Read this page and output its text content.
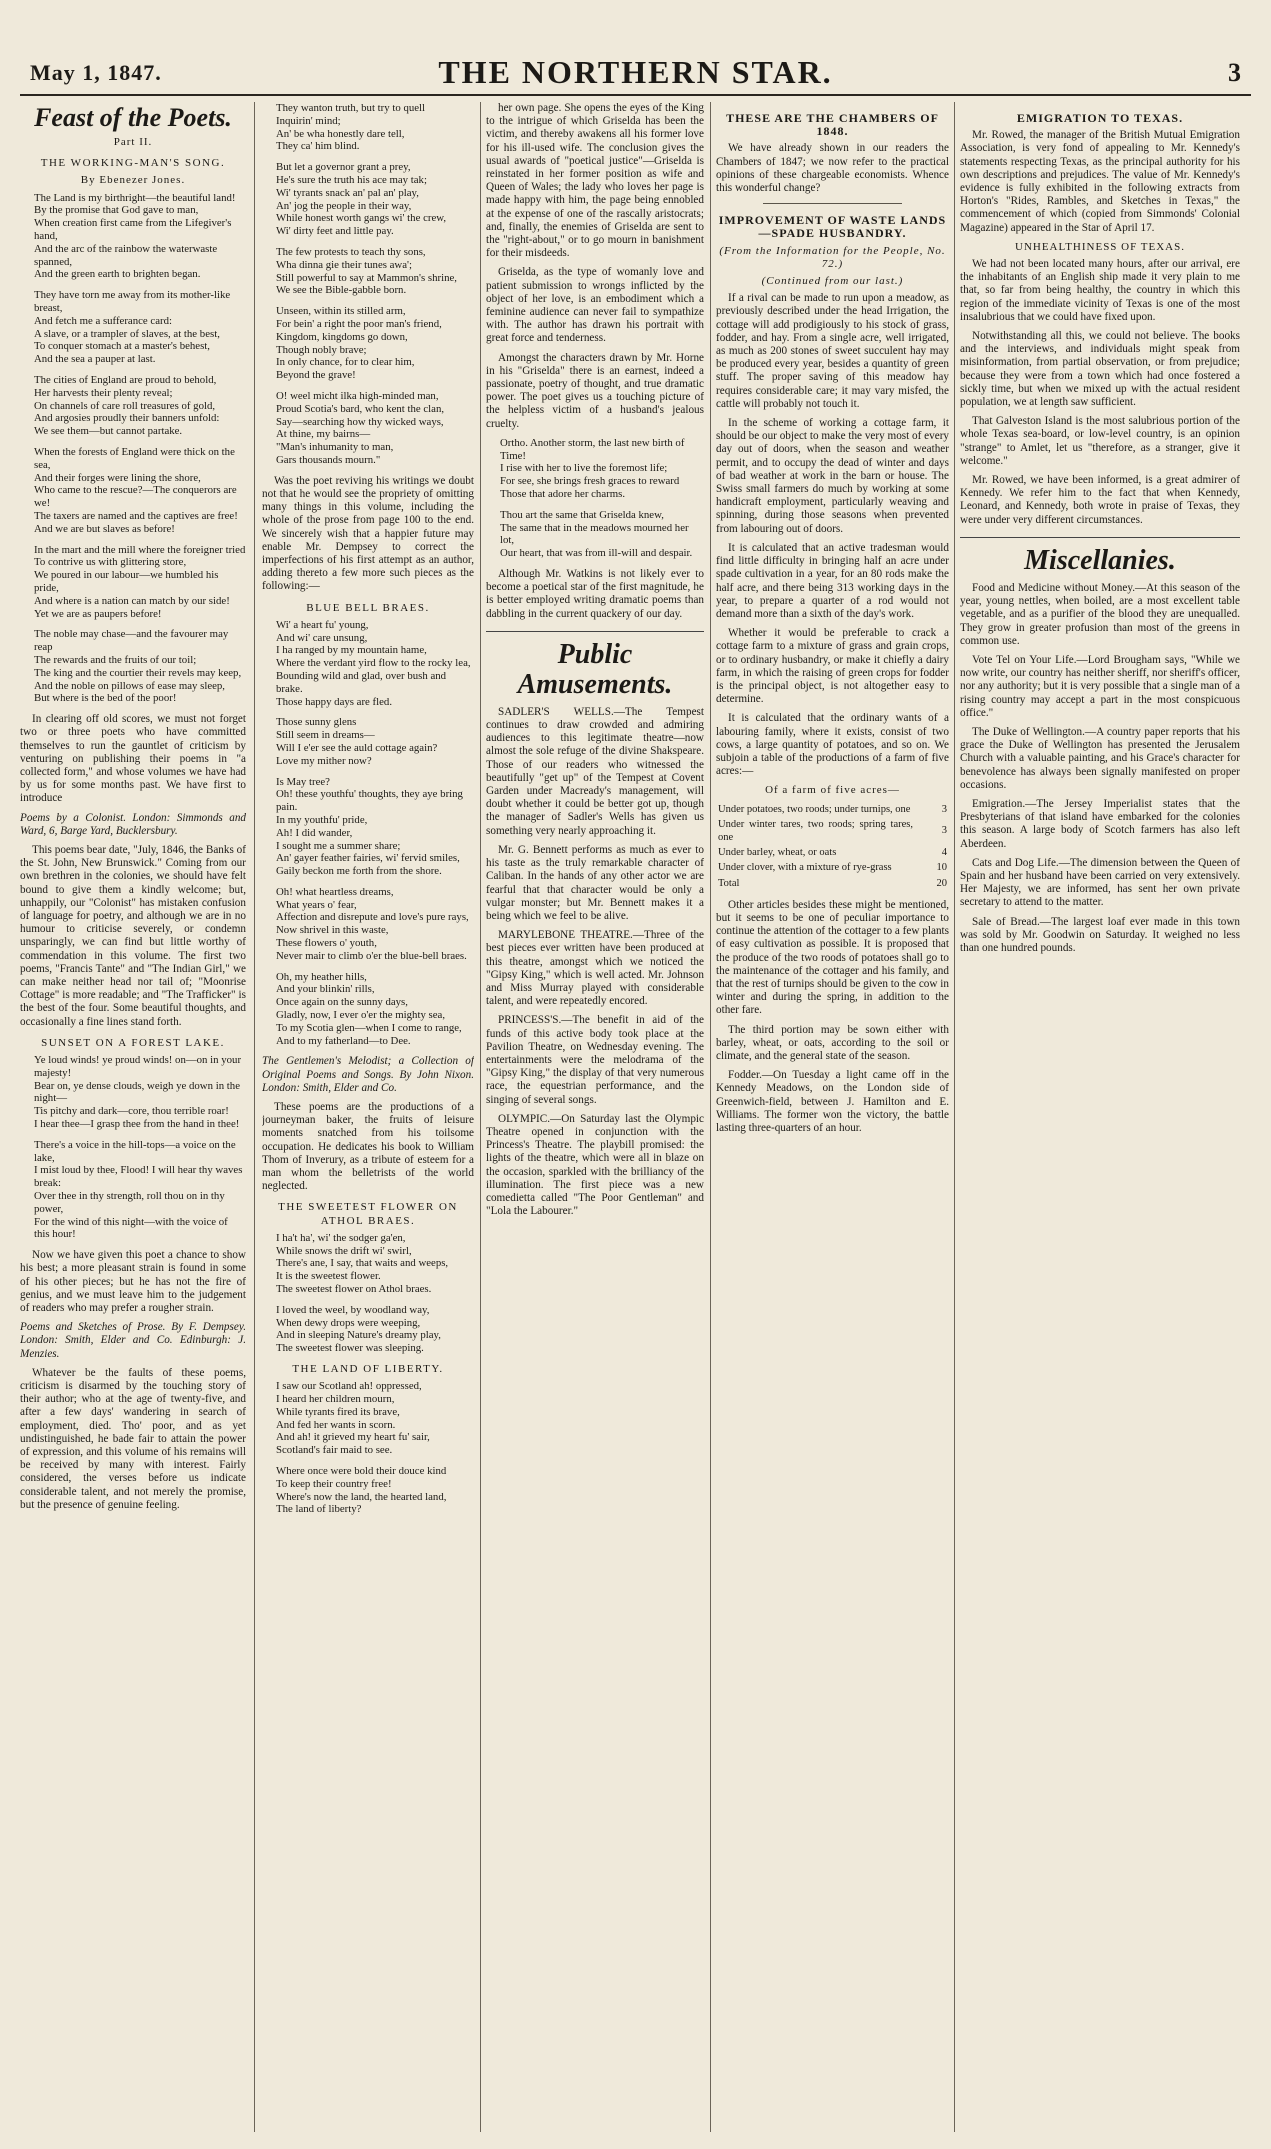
May 1, 1847.	THE NORTHERN STAR.	3
Feast of the Poets.
Part II.
THE WORKING-MAN'S SONG.
By Ebenezer Jones.
The Land is my birthright—the beautiful land!
By the promise that God gave to man,
When creation first came from the Lifegiver's hand,
And the arc of the rainbow the waterwaste spanned,
And the green earth to brighten began.
They have torn me away from its mother-like breast,
And fetch me a sufferance card:
A slave, or a trampler of slaves, at the best,
To conquer stomach at a master's behest,
And the sea a pauper at last.
The cities of England are proud to behold,
Her harvests their plenty reveal;
On channels of care roll treasures of gold,
And argosies proudly their banners unfold:
We see them—but cannot partake.
When the forests of England were thick on the sea,
And their forges were lining the shore,
Who came to the rescue?—The conquerors are we!
The taxers are named and the captives are free!
And we are but slaves as before!
In the mart and the mill where the foreigner tried
To contrive us with glittering store,
We poured in our labour—we humbled his pride,
And where is a nation can match by our side!
Yet we are as paupers before!
The noble may chase—and the favourer may reap
The rewards and the fruits of our toil;
The king and the courtier their revels may keep,
And the noble on pillows of ease may sleep,
But where is the bed of the poor!

In clearing off old scores, we must not forget two or three poets who have committed themselves to run the gauntlet of criticism by venturing on publishing their poems in "a collected form," and whose volumes we have had by us for some months past. We have first to introduce

Poems by a Colonist. London: Simmonds and Ward, 6, Barge Yard, Bucklersbury.

This poems bear date, "July, 1846, the Banks of the St. John, New Brunswick." Coming from our own brethren in the colonies, we should have felt bound to give them a kindly welcome; but, unhappily, our "Colonist" has mistaken confusion of language for poetry, and although we are in no humour to criticise severely, or condemn unsparingly, we can find but little worthy of commendation in this volume. The first two poems, "Francis Tante" and "The Indian Girl," we can make neither head nor tail of; "Moonrise Cottage" is more readable; and "The Trafficker" is the best of the four. Some beautiful thoughts, and occasionally a fine lines stand forth.

SUNSET ON A FOREST LAKE.
Ye loud winds! ye proud winds! on—on in your majesty!
Bear on, ye dense clouds, weigh ye down in the night—
Tis pitchy and dark—core, thou terrible roar!
I hear thee—I grasp thee from the hand in thee!
There's a voice in the hill-tops—a voice on the lake,
I mist loud by thee, Flood! I will hear thy waves break:
Over thee in thy strength, roll thou on in thy power,
For the wind of this night—with the voice of this hour!

Now we have given this poet a chance to show his best; a more pleasant strain is found in some of his other pieces; but he has not the fire of genius, and we must leave him to the judgement of readers who may prefer a rougher strain.

Poems and Sketches of Prose. By F. Dempsey. London: Smith, Elder and Co. Edinburgh: J. Menzies.

Whatever be the faults of these poems, criticism is disarmed by the touching story of their author; who at the age of twenty-five, and after a few days' wandering in search of employment, died. Tho' poor, and as yet undistinguished, he bade fair to attain the power of expression, and this volume of his remains will be received by many with interest. Fairly considered, the verses before us indicate considerable talent, and not merely the promise, but the presence of genuine feeling.

They wanton truth, but try to quell
Inquirin' mind;
An' be wha honestly dare tell,
They ca' him blind.
But let a governor grant a prey,
He's sure the truth his ace may tak;
Wi' tyrants snack an' pal an' play,
An' jog the people in their way,
While honest worth gangs wi' the crew,
Wi' dirty feet and little pay.
The few protests to teach thy sons,
Wha dinna gie their tunes awa';
Still powerful to say at Mammon's shrine,
We see the Bible-gabble born.
Unseen, within its stilled arm,
For bein' a right the poor man's friend,
Kingdom, kingdoms go down,
Though nobly brave;
In only chance, for to clear him,
Beyond the grave!
O! weel micht ilka high-minded man,
Proud Scotia's bard, who kent the clan,
Say—searching how thy wicked ways,
At thine, my bairns—
"Man's inhumanity to man,
Gars thousands mourn."

Was the poet reviving his writings we doubt not that he would see the propriety of omitting many things in this volume, including the whole of the prose from page 100 to the end. We sincerely wish that a happier future may enable Mr. Dempsey to correct the imperfections of his first attempt as an author, adding thereto a few more such pieces as the following:—

BLUE BELL BRAES.
Wi' a heart fu' young,
And wi' care unsung,
I ha ranged by my mountain hame,
Where the verdant yird flow to the rocky lea,
Bounding wild and glad, over bush and brake.
Those happy days are fled.
Those sunny glens
Still seem in dreams—
Will I e'er see the auld cottage again?
Love my mither now?
Is May tree?
Oh! these youthfu' thoughts, they aye bring pain.
In my youthfu' pride,
Ah! I did wander,
I sought me a summer share;
An' gayer feather fairies, wi' fervid smiles,
Gaily beckon me forth from the shore.
Oh! what heartless dreams,
What years o' fear,
Affection and disrepute and love's pure rays,
Now shrivel in this waste,
These flowers o' youth,
Never mair to climb o'er the blue-bell braes.
Oh, my heather hills,
And your blinkin' rills,
Once again on the sunny days,
Gladly, now, I ever o'er the mighty sea,
To my Scotia glen—when I come to range,
And to my fatherland—to Dee.

The Gentlemen's Melodist; a Collection of Original Poems and Songs. By John Nixon. London: Smith, Elder and Co.

These poems are the productions of a journeyman baker, the fruits of leisure moments snatched from his toilsome occupation. He dedicates his book to William Thom of Inverury, as a tribute of esteem for a man whom the belletrists of the world neglected.

THE SWEETEST FLOWER ON ATHOL BRAES.
I ha't ha', wi' the sodger ga'en,
While snows the drift wi' swirl,
There's ane, I say, that waits and weeps,
It is the sweetest flower.
The sweetest flower on Athol braes.
I loved the weel, by woodland way,
When dewy drops were weeping,
And in sleeping Nature's dreamy play,
The sweetest flower was sleeping.
THE LAND OF LIBERTY.
I saw our Scotland ah! oppressed,
I heard her children mourn,
While tyrants fired its brave,
And fed her wants in scorn.
And ah! it grieved my heart fu' sair,
Scotland's fair maid to see.
Where once were bold their douce kind
To keep their country free!
Where's now the land, the hearted land,
The land of liberty?

her own page. She opens the eyes of the King to the intrigue of which Griselda has been the victim, and thereby awakens all his former love for his ill-used wife. The conclusion gives the usual awards of "poetical justice"—Griselda is reinstated in her former position as wife and Queen of Wales; the lady who loves her page is made happy with him, the page being ennobled at the expense of one of the rascally aristocrats; and, finally, the enemies of Griselda are sent to the "right-about," or to go mourn in banishment for their misdeeds.

Griselda, as the type of womanly love and patient submission to wrongs inflicted by the object of her love, is an embodiment which a feminine audience can never fail to sympathize with. The author has drawn his portrait with great force and tenderness.

Amongst the characters drawn by Mr. Horne in his "Griselda" there is an earnest, indeed a passionate, poetry of thought, and true dramatic power. The poet gives us a touching picture of the helpless victim of a husband's jealous cruelty.

Ortho. Another storm, the last new birth of Time!
I rise with her to live the foremost life;
For see, she brings fresh graces to reward
Those that adore her charms.
Thou art the same that Griselda knew,
The same that in the meadows mourned her lot,
Our heart, that was from ill-will and despair.

Although Mr. Watkins is not likely ever to become a poetical star of the first magnitude, he is better employed writing dramatic poems than dabbling in the current quackery of our day.

Public Amusements.

SADLER'S WELLS.—The Tempest continues to draw crowded and admiring audiences to this legitimate theatre—now almost the sole refuge of the divine Shakspeare. Those of our readers who witnessed the beautifully "get up" of the Tempest at Covent Garden under Macready's management, will doubt whether it could be better got up, though the manager of Sadler's Wells has given us something very nearly approaching it.

Mr. G. Bennett performs as much as ever to his taste as the truly remarkable character of Caliban. In the hands of any other actor we are fearful that that character would be only a vulgar monster; but Mr. Bennett makes it a being which we feel to be alive.

MARYLEBONE THEATRE.—Three of the best pieces ever written have been produced at this theatre, amongst which we noticed the "Gipsy King," which is well acted. Mr. Johnson and Miss Murray played with considerable talent, and were repeatedly encored.

PRINCESS'S.—The benefit in aid of the funds of this active body took place at the Pavilion Theatre, on Wednesday evening. The entertainments were the melodrama of the "Gipsy King," the display of that very numerous race, the equestrian performance, and the singing of several songs.

OLYMPIC.—On Saturday last the Olympic Theatre opened in conjunction with the Princess's Theatre. The playbill promised: the lights of the theatre, which were all in blaze on the occasion, sparkled with the brilliancy of the illumination. The first piece was a new comedietta called "The Poor Gentleman" and "Lola the Labourer."

THESE ARE THE CHAMBERS OF 1848.

We have already shown in our readers the Chambers of 1847; we now refer to the practical opinions of these chargeable economists. Whence this wonderful change?

IMPROVEMENT OF WASTE LANDS—SPADE HUSBANDRY.
(From the Information for the People, No. 72.)
(Continued from our last.)

If a rival can be made to run upon a meadow, as previously described under the head Irrigation, the cottage will add prodigiously to his stock of grass, fodder, and hay. From a single acre, well irrigated, as much as 200 stones of sweet succulent hay may be produced every year, besides a quantity of green stuff. The proper saving of this meadow hay requires considerable care; it may vary misfed, the cattle will probably not touch it.

In the scheme of working a cottage farm, it should be our object to make the very most of every day out of doors, when the season and weather permit, and to occupy the dead of winter and days of bad weather at work in the barn or house. The Swiss small farmers do much by working at some handicraft employment, particularly weaving and spinning, during those seasons when prevented from labouring out of doors.

It is calculated that an active tradesman would find little difficulty in bringing half an acre under spade cultivation in a year, for an 80 rods make the half acre, and there being 313 working days in the year, to prepare a quarter of a rod would not demand more than a sixth of the day's work.

Whether it would be preferable to crack a cottage farm to a mixture of grass and grain crops, or to ordinary husbandry, or make it chiefly a dairy farm, in which the raising of green crops for fodder is the principal object, is not altogether easy to determine.

It is calculated that the ordinary wants of a labouring family, where it exists, consist of two cows, a large quantity of potatoes, and so on. We subjoin a table of the productions of a farm of five acres:—

Of a farm of five acres—
Under potatoes, two roods; under turnips, one	3
Under winter tares, two roods; spring tares, one	3
Under barley, wheat, or oats	4
Under clover, with a mixture of rye-grass	10
Total	20

Other articles besides these might be mentioned, but it seems to be one of peculiar importance to continue the attention of the cottager to a few plants of easy cultivation as possible. It is proposed that the produce of the two roods of potatoes shall go to the maintenance of the cottager and his family, and that the rest of turnips should be given to the cow in winter and during the spring, in addition to the other fare.

The third portion may be sown either with barley, wheat, or oats, according to the soil or climate, and the general state of the season.

Fodder.—On Tuesday a light came off in the Kennedy Meadows, on the London side of Greenwich-field, between J. Hamilton and E. Williams. The former won the victory, the battle lasting three-quarters of an hour.

EMIGRATION TO TEXAS.

Mr. Rowed, the manager of the British Mutual Emigration Association, is very fond of appealing to Mr. Kennedy's statements respecting Texas, as the principal authority for his own descriptions and prejudices. The value of Mr. Kennedy's evidence is fully exhibited in the following extracts from Horton's "Rides, Rambles, and Sketches in Texas," the commencement of which (copied from Simmonds' Colonial Magazine) appeared in the Star of April 17.

UNHEALTHINESS OF TEXAS.

We had not been located many hours, after our arrival, ere the inhabitants of an English ship made it very plain to me that, so far from being healthy, the country in which this region of the immediate vicinity of Texas is one of the most insalubrious that we could have fixed upon.

Notwithstanding all this, we could not believe. The books and the interviews, and individuals might speak from misinformation, from partial observation, or from prejudice; because they were from a town which had once fostered a sickly time, but when we mixed up with the actual resident population, we at length saw sufficient.

That Galveston Island is the most salubrious portion of the whole Texas sea-board, or low-level country, is an opinion "strange" to Amlet, let us "therefore, as a stranger, give it welcome."

Mr. Rowed, we have been informed, is a great admirer of Kennedy. We refer him to the fact that when Kennedy, Leonard, and Kennedy, both wrote in praise of Texas, they were under very different circumstances.

Miscellanies.

Food and Medicine without Money.—At this season of the year, young nettles, when boiled, are a most excellent table vegetable, and as a purifier of the blood they are unequalled. They grow in greater profusion than most of the greens in common use.

Vote Tel on Your Life.—Lord Brougham says, "While we now write, our country has neither sheriff, nor sheriff's officer, nor any authority; but it is very possible that a single man of a rising country may accept a part in the most conspicuous office."

The Duke of Wellington.—A country paper reports that his grace the Duke of Wellington has presented the Jerusalem Church with a valuable painting, and his Grace's character for benevolence has always been signally manifested on proper occasions.

Emigration.—The Jersey Imperialist states that the Presbyterians of that island have embarked for the colonies this season. A large body of Scotch farmers has also left Aberdeen.

Cats and Dog Life.—The dimension between the Queen of Spain and her husband have been carried on very extensively. Her Majesty, we are informed, has sent her own private secretary to attend to the matter.

Sale of Bread.—The largest loaf ever made in this town was sold by Mr. Goodwin on Saturday. It weighed no less than one hundred pounds.
